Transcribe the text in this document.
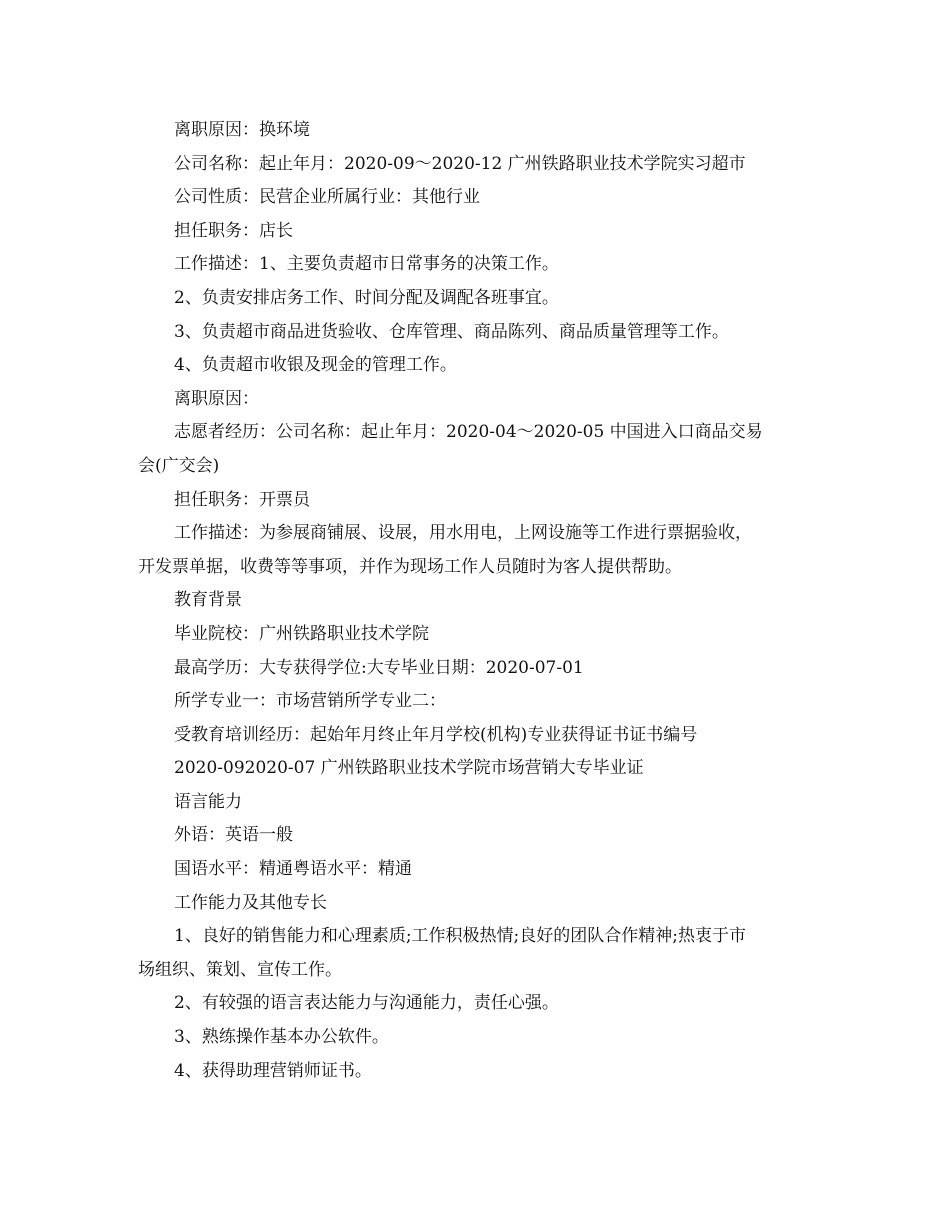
离职原因：换环境

公司名称：起止年月：2020-09～2020-12 广州铁路职业技术学院实习超市

公司性质：民营企业所属行业：其他行业

担任职务：店长

工作描述：1、主要负责超市日常事务的决策工作。

2、负责安排店务工作、时间分配及调配各班事宜。

3、负责超市商品进货验收、仓库管理、商品陈列、商品质量管理等工作。

4、负责超市收银及现金的管理工作。

离职原因：

志愿者经历：公司名称：起止年月：2020-04～2020-05 中国进入口商品交易

会(广交会)

担任职务：开票员

工作描述：为参展商铺展、设展，用水用电，上网设施等工作进行票据验收，

开发票单据，收费等等事项，并作为现场工作人员随时为客人提供帮助。

教育背景

毕业院校：广州铁路职业技术学院

最高学历：大专获得学位:大专毕业日期：2020-07-01

所学专业一：市场营销所学专业二：

受教育培训经历：起始年月终止年月学校(机构)专业获得证书证书编号

2020-092020-07 广州铁路职业技术学院市场营销大专毕业证

语言能力

外语：英语一般

国语水平：精通粤语水平：精通

工作能力及其他专长

1、良好的销售能力和心理素质;工作积极热情;良好的团队合作精神;热衷于市

场组织、策划、宣传工作。

2、有较强的语言表达能力与沟通能力，责任心强。

3、熟练操作基本办公软件。

4、获得助理营销师证书。
